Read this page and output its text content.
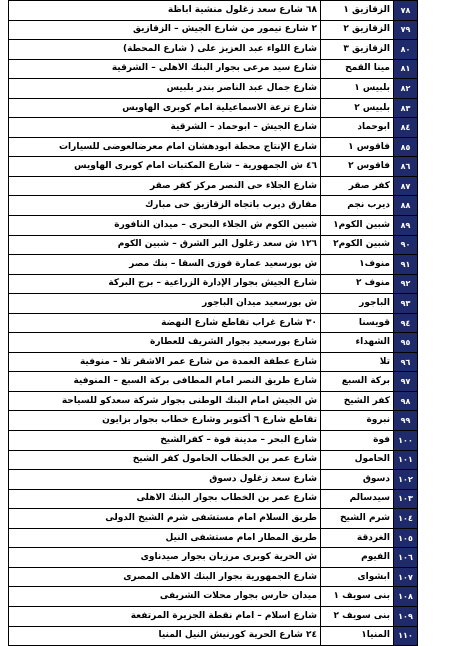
٧٨	الزقازيق ١	٦٨ شارع سعد زغلول منشية اباظة
٧٩	الزقازيق ٢	٢ شارع تيمور من شارع الجيش – الزقازيق
٨٠	الزقازيق ٣	شارع اللواء عبد العزيز على ( شارع المحطة)
٨١	مينا القمح	شارع سيد مرعى بجوار البنك الاهلى – الشرقية
٨٢	بلبيس ١	شارع جمال عبد الناصر بندر بلبيس
٨٣	بلبيس ٢	شارع ترعة الاسماعيلية امام كوبرى الهاويس
٨٤	ابوحماد	شارع الجيش – ابوحماد – الشرقية
٨٥	فاقوس ١	شارع الإنتاج محطة ابودهشان امام معرضالعوضى للسيارات
٨٦	فاقوس ٢	٤٦ ش الجمهورية – شارع المكتبات امام كوبرى الهاويس
٨٧	كفر صقر	شارع الجلاء حى النصر مركز كفر صقر
٨٨	ديرب نجم	مفارق ديرب باتجاه الزقازيق حى مبارك
٨٩	شبين الكوم١	شبين الكوم ش الجلاء البحرى – ميدان النافورة
٩٠	شبين الكوم٢	١٢٦ ش سعد زغلول البر الشرق – شبين الكوم
٩١	منوف١	ش بورسعيد عمارة فوزى السقا – بنك مصر
٩٢	منوف ٢	شارع الجيش بجوار الإدارة الزراعية – برج البركة
٩٣	الباجور	ش بورسعيد ميدان الباجور
٩٤	قويسنا	٣٠ شارع غراب تقاطع شارع النهضة
٩٥	الشهداء	شارع بورسعيد بجوار الشريف للعطارة
٩٦	تلا	شارع عطفة العمدة من شارع عمر الاشقر تلا – منوفية
٩٧	بركة السبع	شارع طريق النصر امام المطافى بركة السبع – المنوفية
٩٨	كفر الشيخ	ش الجيش امام البنك الوطنى بجوار شركة سعدكو للسياحة
٩٩	نبروة	تقاطع شارع ٦ أكتوبر وشارع خطاب بجوار بزايون
١٠٠	فوة	شارع البحر – مدينة فوة – كفرالشيخ
١٠١	الحامول	شارع عمر بن الخطاب الحامول كفر الشيخ
١٠٢	دسوق	شارع سعد زغلول دسوق
١٠٣	سيدسالم	شارع عمر بن الخطاب بجوار البنك الاهلى
١٠٤	شرم الشيخ	طريق السلام امام مستشفى شرم الشيخ الدولى
١٠٥	الغردقة	طريق المطار امام مستشفى النيل
١٠٦	الفيوم	ش الحرية كوبرى مرزبان بجوار صيدناوى
١٠٧	ابشواى	شارع الجمهورية بجوار البنك الاهلى المصرى
١٠٨	بنى سويف ١	ميدان حارس بجوار محلات الشريفى
١٠٩	بنى سويف ٢	شارع اسلام – امام نقطة الجزيرة المرتفعة
١١٠	المنيا١	٢٤ شارع الحرية كورنيش النيل المنيا
